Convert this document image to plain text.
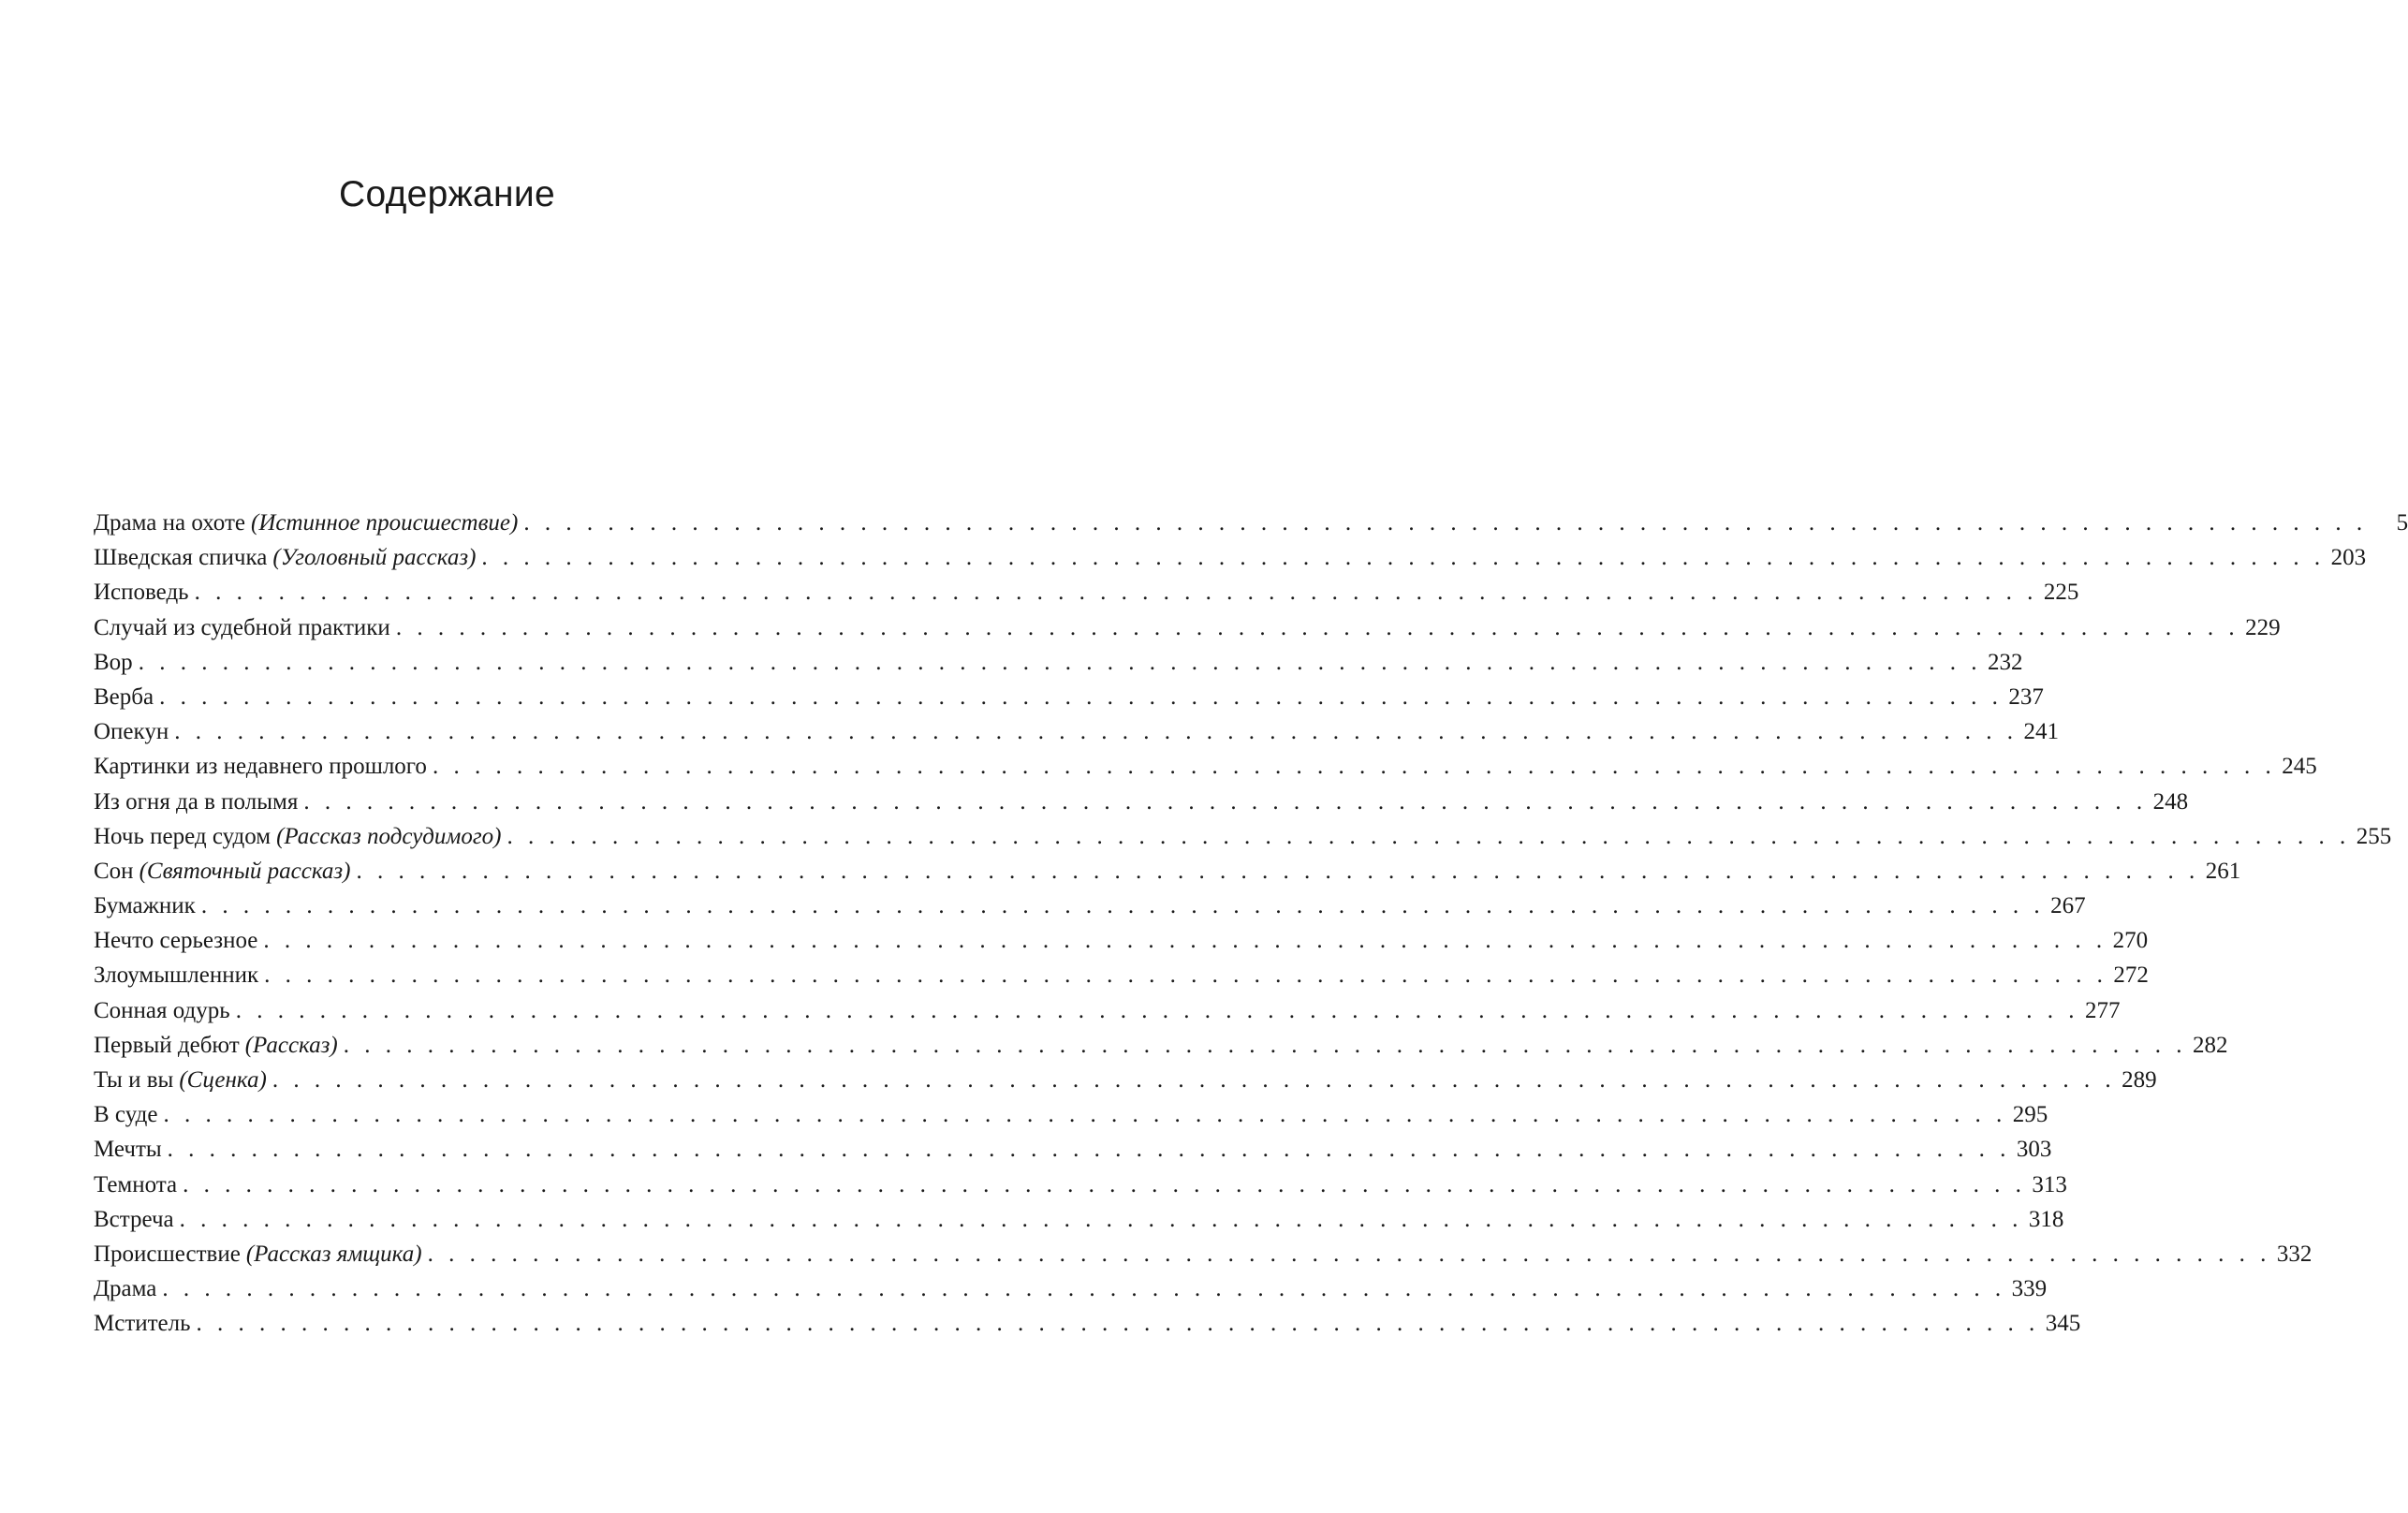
Содержание
Драма на охоте (Истинное происшествие) . . . . . . . . . . . . . . . . . . . . . . . . . . . . . . . . . . . . . . . . . . . . . . . . . . . . . . . . . . . . . . . . . . . . . . . . . . . . . . . . . . . . . . . .	5
Шведская спичка (Уголовный рассказ) . . . . . . . . . . . . . . . . . . . . . . . . . . . . . . . . . . . . . . . . . . . . . . . . . . . . . . . . . . . . . . . . . . . . . . . . . . . . . . . . . . . . . . . . 203
Исповедь . . . . . . . . . . . . . . . . . . . . . . . . . . . . . . . . . . . . . . . . . . . . . . . . . . . . . . . . . . . . . . . . . . . . . . . . . . . . . . . . . . . . . . . . 225
Случай из судебной практики . . . . . . . . . . . . . . . . . . . . . . . . . . . . . . . . . . . . . . . . . . . . . . . . . . . . . . . . . . . . . . . . . . . . . . . . . . . . . . . . . . . . . . . . 229
Вор . . . . . . . . . . . . . . . . . . . . . . . . . . . . . . . . . . . . . . . . . . . . . . . . . . . . . . . . . . . . . . . . . . . . . . . . . . . . . . . . . . . . . . . . 232
Верба . . . . . . . . . . . . . . . . . . . . . . . . . . . . . . . . . . . . . . . . . . . . . . . . . . . . . . . . . . . . . . . . . . . . . . . . . . . . . . . . . . . . . . . . 237
Опекун . . . . . . . . . . . . . . . . . . . . . . . . . . . . . . . . . . . . . . . . . . . . . . . . . . . . . . . . . . . . . . . . . . . . . . . . . . . . . . . . . . . . . . . . 241
Картинки из недавнего прошлого . . . . . . . . . . . . . . . . . . . . . . . . . . . . . . . . . . . . . . . . . . . . . . . . . . . . . . . . . . . . . . . . . . . . . . . . . . . . . . . . . . . . . . . . 245
Из огня да в полымя . . . . . . . . . . . . . . . . . . . . . . . . . . . . . . . . . . . . . . . . . . . . . . . . . . . . . . . . . . . . . . . . . . . . . . . . . . . . . . . . . . . . . . . . 248
Ночь перед судом (Рассказ подсудимого) . . . . . . . . . . . . . . . . . . . . . . . . . . . . . . . . . . . . . . . . . . . . . . . . . . . . . . . . . . . . . . . . . . . . . . . . . . . . . . . . . . . . . . . . 255
Сон (Святочный рассказ) . . . . . . . . . . . . . . . . . . . . . . . . . . . . . . . . . . . . . . . . . . . . . . . . . . . . . . . . . . . . . . . . . . . . . . . . . . . . . . . . . . . . . . . . 261
Бумажник . . . . . . . . . . . . . . . . . . . . . . . . . . . . . . . . . . . . . . . . . . . . . . . . . . . . . . . . . . . . . . . . . . . . . . . . . . . . . . . . . . . . . . . . 267
Нечто серьезное . . . . . . . . . . . . . . . . . . . . . . . . . . . . . . . . . . . . . . . . . . . . . . . . . . . . . . . . . . . . . . . . . . . . . . . . . . . . . . . . . . . . . . . . 270
Злоумышленник . . . . . . . . . . . . . . . . . . . . . . . . . . . . . . . . . . . . . . . . . . . . . . . . . . . . . . . . . . . . . . . . . . . . . . . . . . . . . . . . . . . . . . . . 272
Сонная одурь . . . . . . . . . . . . . . . . . . . . . . . . . . . . . . . . . . . . . . . . . . . . . . . . . . . . . . . . . . . . . . . . . . . . . . . . . . . . . . . . . . . . . . . . 277
Первый дебют (Рассказ) . . . . . . . . . . . . . . . . . . . . . . . . . . . . . . . . . . . . . . . . . . . . . . . . . . . . . . . . . . . . . . . . . . . . . . . . . . . . . . . . . . . . . . . . 282
Ты и вы (Сценка) . . . . . . . . . . . . . . . . . . . . . . . . . . . . . . . . . . . . . . . . . . . . . . . . . . . . . . . . . . . . . . . . . . . . . . . . . . . . . . . . . . . . . . . . 289
В суде . . . . . . . . . . . . . . . . . . . . . . . . . . . . . . . . . . . . . . . . . . . . . . . . . . . . . . . . . . . . . . . . . . . . . . . . . . . . . . . . . . . . . . . . 295
Мечты . . . . . . . . . . . . . . . . . . . . . . . . . . . . . . . . . . . . . . . . . . . . . . . . . . . . . . . . . . . . . . . . . . . . . . . . . . . . . . . . . . . . . . . . 303
Темнота . . . . . . . . . . . . . . . . . . . . . . . . . . . . . . . . . . . . . . . . . . . . . . . . . . . . . . . . . . . . . . . . . . . . . . . . . . . . . . . . . . . . . . . . 313
Встреча . . . . . . . . . . . . . . . . . . . . . . . . . . . . . . . . . . . . . . . . . . . . . . . . . . . . . . . . . . . . . . . . . . . . . . . . . . . . . . . . . . . . . . . . 318
Происшествие (Рассказ ямщика) . . . . . . . . . . . . . . . . . . . . . . . . . . . . . . . . . . . . . . . . . . . . . . . . . . . . . . . . . . . . . . . . . . . . . . . . . . . . . . . . . . . . . . . . 332
Драма . . . . . . . . . . . . . . . . . . . . . . . . . . . . . . . . . . . . . . . . . . . . . . . . . . . . . . . . . . . . . . . . . . . . . . . . . . . . . . . . . . . . . . . . 339
Мститель . . . . . . . . . . . . . . . . . . . . . . . . . . . . . . . . . . . . . . . . . . . . . . . . . . . . . . . . . . . . . . . . . . . . . . . . . . . . . . . . . . . . . . . . 345
